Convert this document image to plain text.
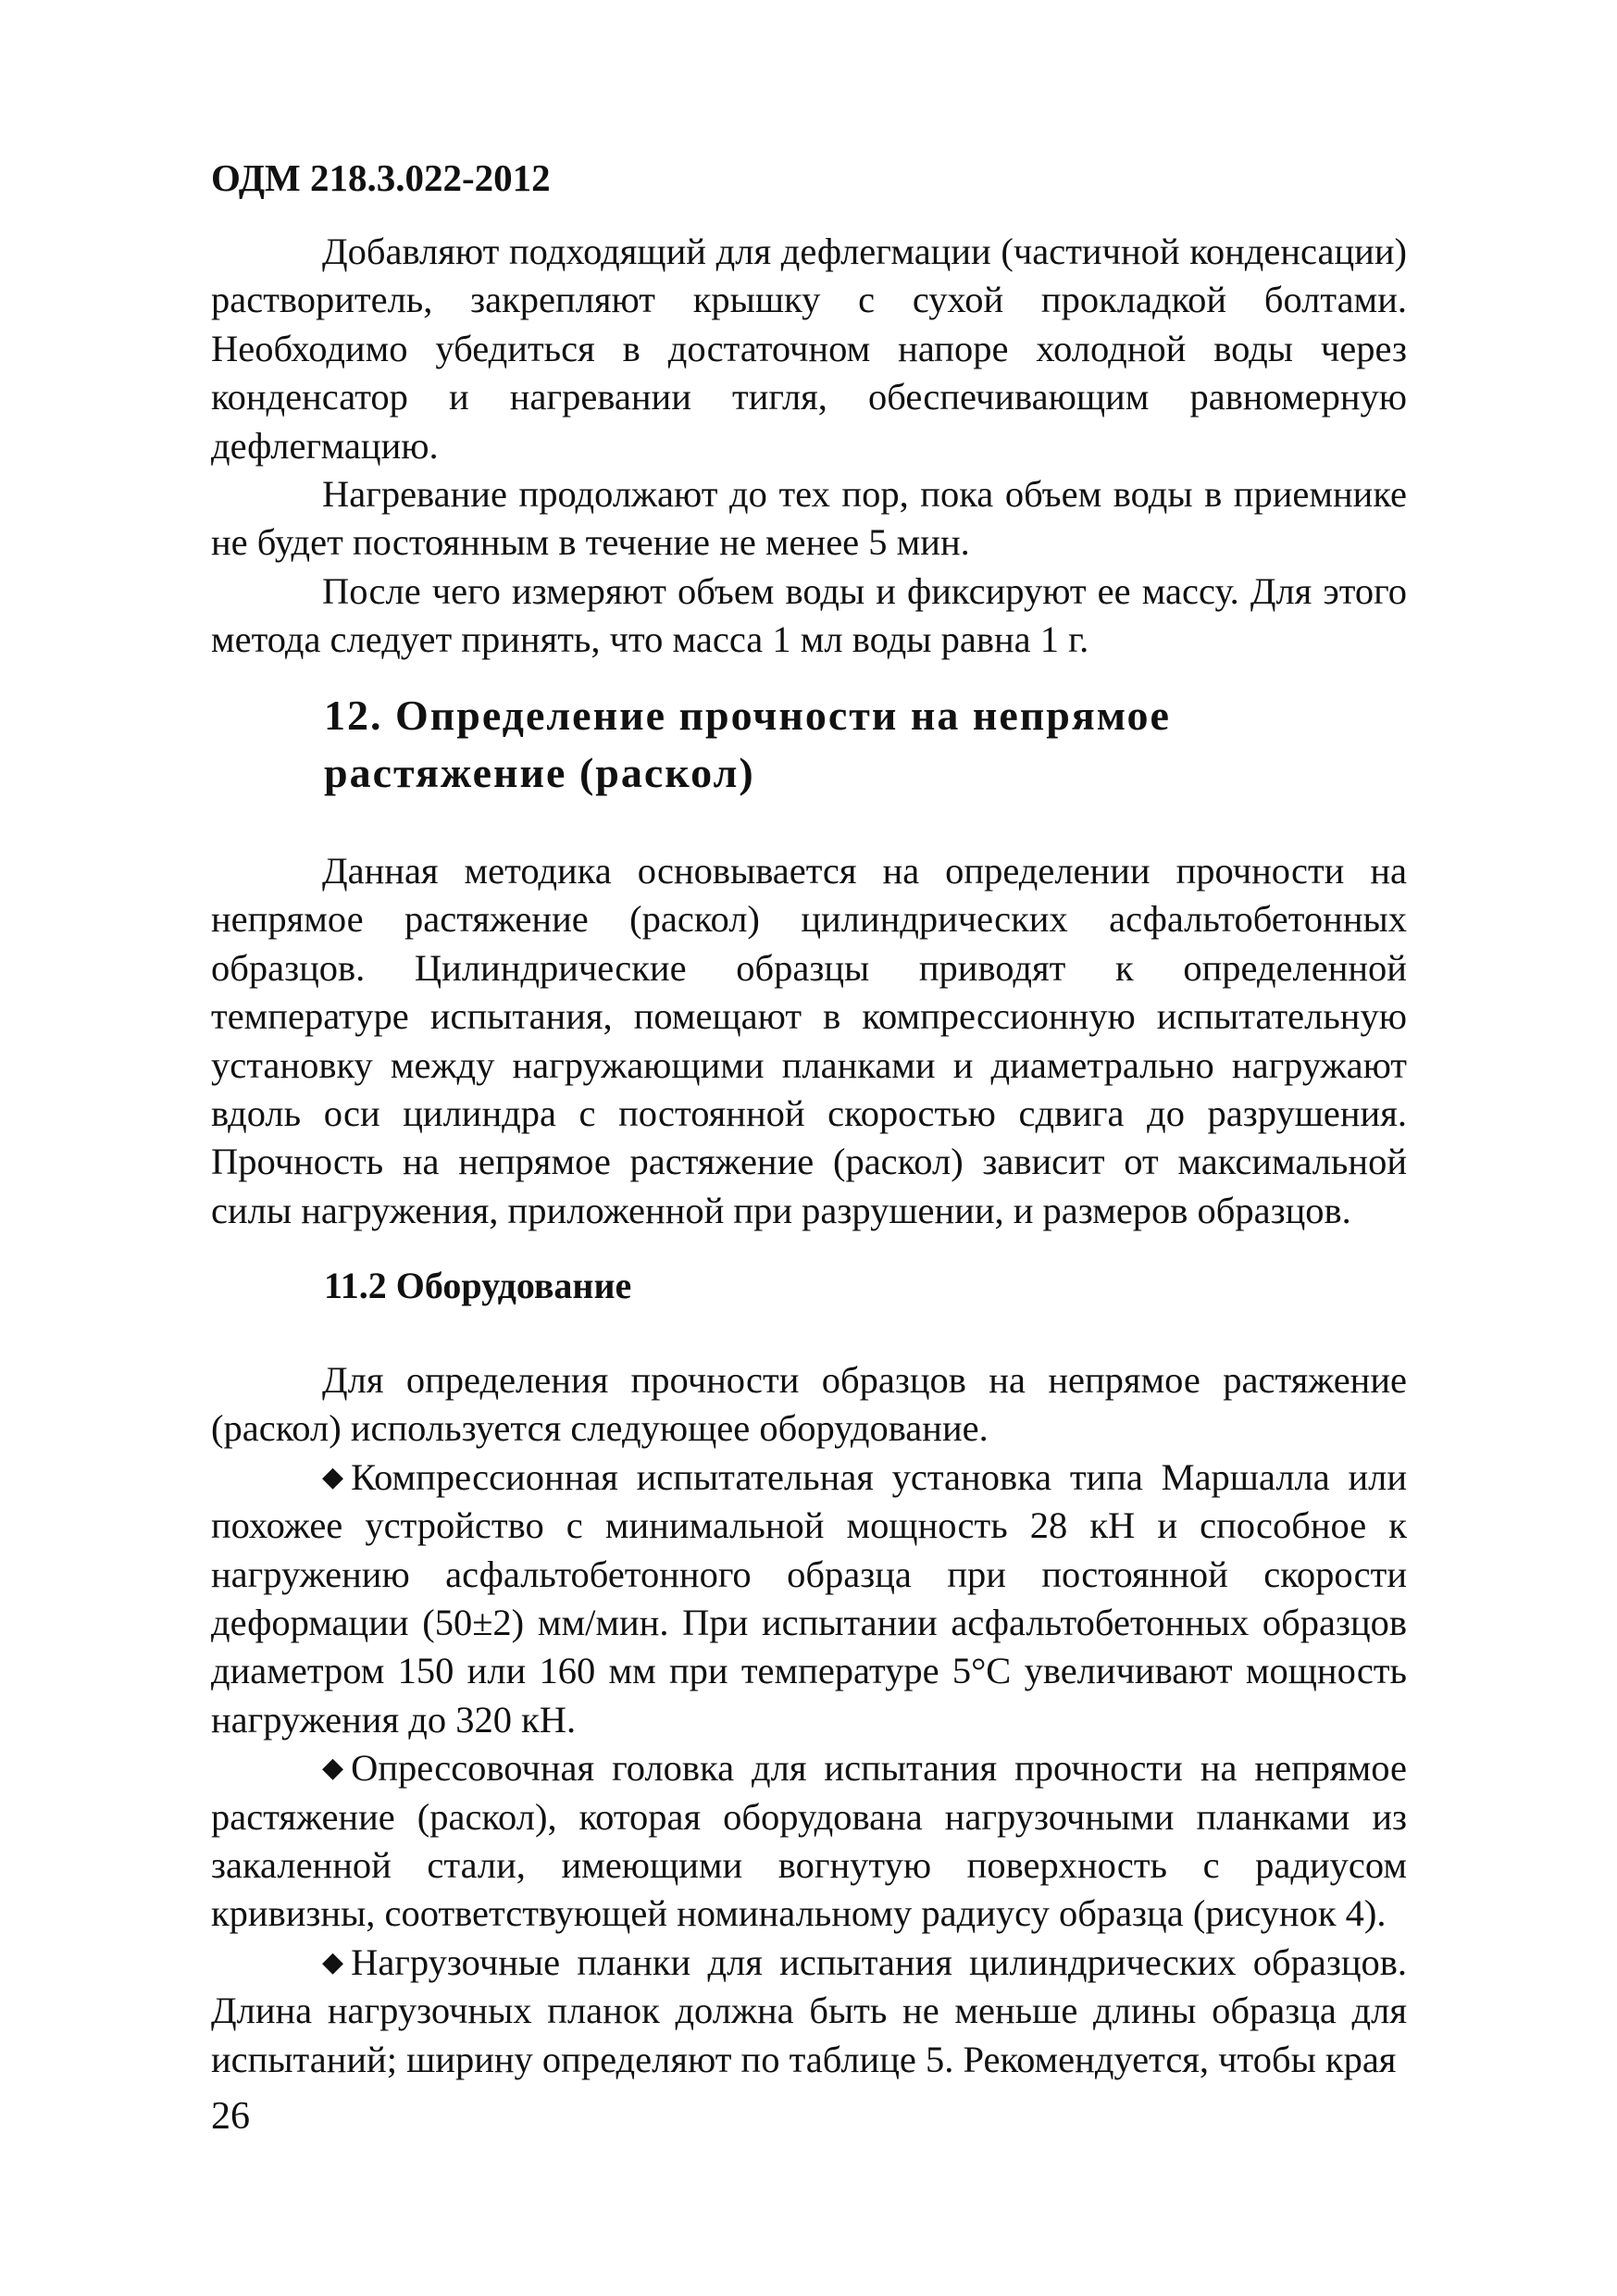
ОДМ 218.3.022-2012

Добавляют подходящий для дефлегмации (частичной конденсации) растворитель, закрепляют крышку с сухой прокладкой болтами. Необходимо убедиться в достаточном напоре холодной воды через конденсатор и нагревании тигля, обеспечивающим равномерную дефлегмацию.

Нагревание продолжают до тех пор, пока объем воды в приемнике не будет постоянным в течение не менее 5 мин.

После чего измеряют объем воды и фиксируют ее массу. Для этого метода следует принять, что масса 1 мл воды равна 1 г.

12. Определение прочности на непрямое растяжение (раскол)

Данная методика основывается на определении прочности на непрямое растяжение (раскол) цилиндрических асфальтобетонных образцов. Цилиндрические образцы приводят к определенной температуре испытания, помещают в компрессионную испытательную установку между нагружающими планками и диаметрально нагружают вдоль оси цилиндра с постоянной скоростью сдвига до разрушения. Прочность на непрямое растяжение (раскол) зависит от максимальной силы нагружения, приложенной при разрушении, и размеров образцов.

11.2 Оборудование

Для определения прочности образцов на непрямое растяжение (раскол) используется следующее оборудование.

◆ Компрессионная испытательная установка типа Маршалла или похожее устройство с минимальной мощность 28 кН и способное к нагружению асфальтобетонного образца при постоянной скорости деформации (50±2) мм/мин. При испытании асфальтобетонных образцов диаметром 150 или 160 мм при температуре 5°С увеличивают мощность нагружения до 320 кН.

◆ Опрессовочная головка для испытания прочности на непрямое растяжение (раскол), которая оборудована нагрузочными планками из закаленной стали, имеющими вогнутую поверхность с радиусом кривизны, соответствующей номинальному радиусу образца (рисунок 4).

◆ Нагрузочные планки для испытания цилиндрических образцов. Длина нагрузочных планок должна быть не меньше длины образца для испытаний; ширину определяют по таблице 5. Рекомендуется, чтобы края

26
